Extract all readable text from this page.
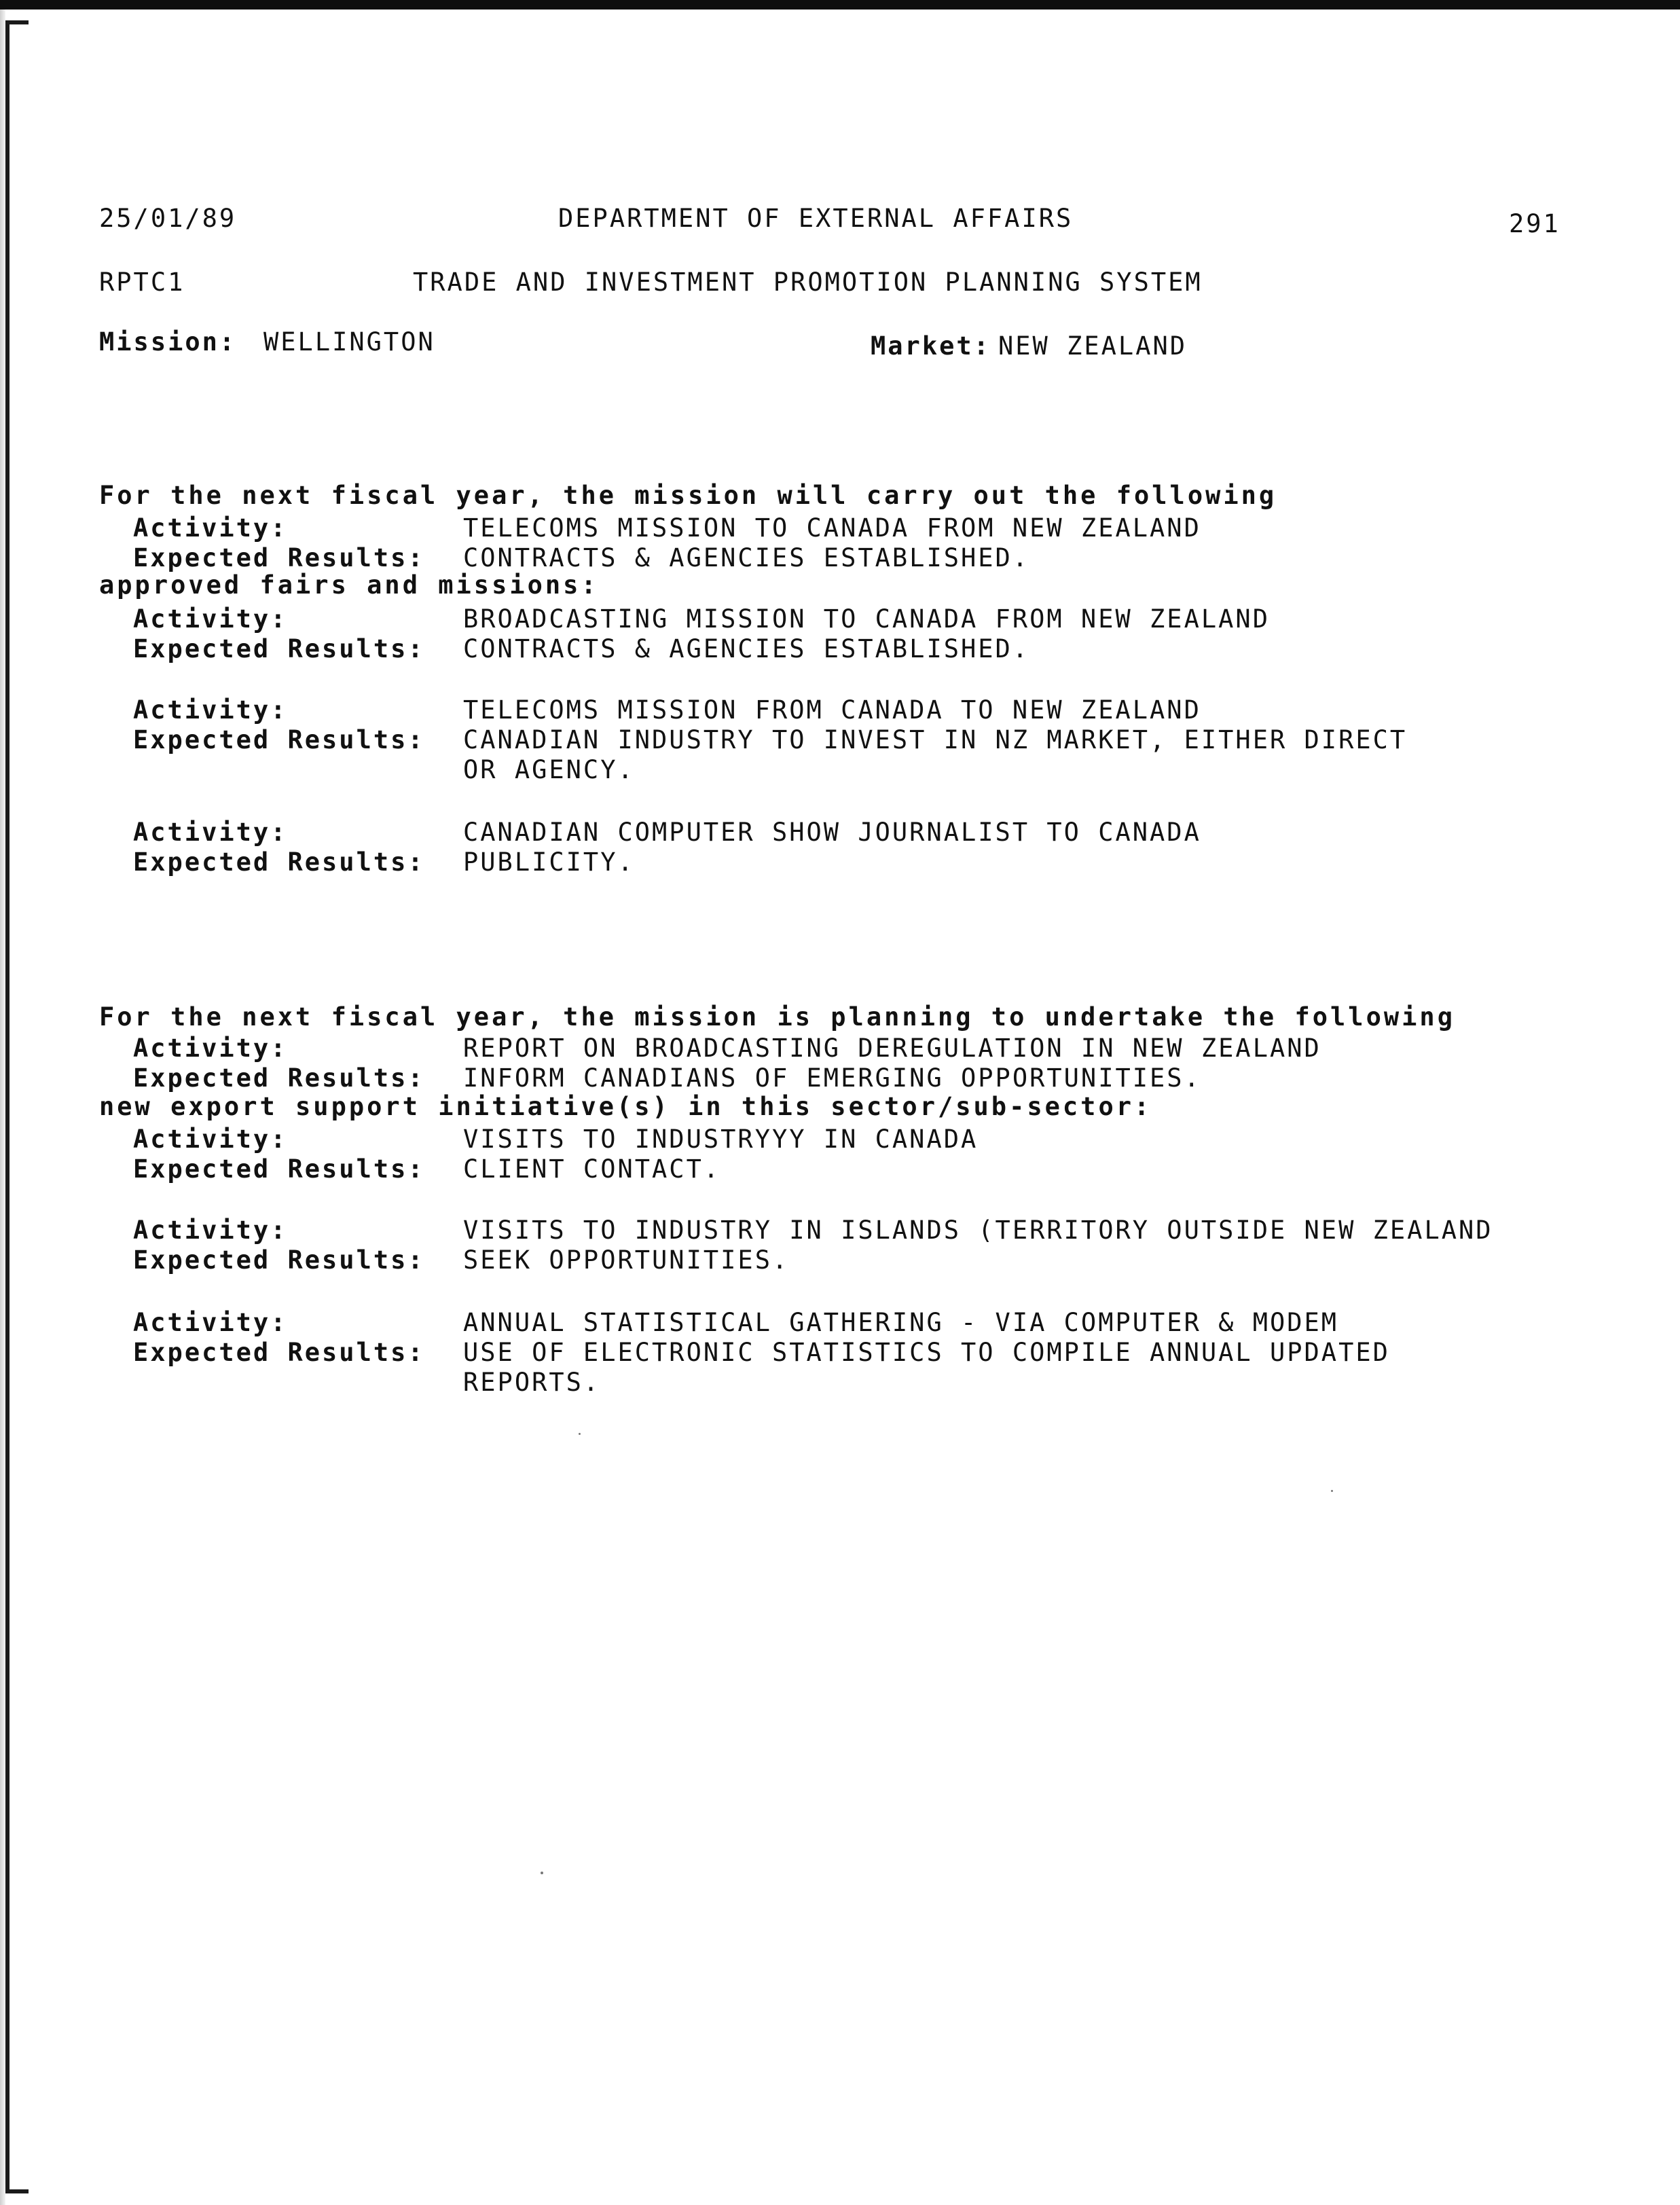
25/01/89	DEPARTMENT OF EXTERNAL AFFAIRS	291
RPTC1	TRADE AND INVESTMENT PROMOTION PLANNING SYSTEM
Mission: WELLINGTON	Market: NEW ZEALAND

For the next fiscal year, the mission will carry out the following

approved fairs and missions:

Activity:	TELECOMS MISSION TO CANADA FROM NEW ZEALAND
Expected Results:	CONTRACTS & AGENCIES ESTABLISHED.
Activity:	BROADCASTING MISSION TO CANADA FROM NEW ZEALAND
Expected Results:	CONTRACTS & AGENCIES ESTABLISHED.
Activity:	TELECOMS MISSION FROM CANADA TO NEW ZEALAND
Expected Results:	CANADIAN INDUSTRY TO INVEST IN NZ MARKET, EITHER DIRECT
OR AGENCY.
Activity:	CANADIAN COMPUTER SHOW JOURNALIST TO CANADA
Expected Results:	PUBLICITY.

For the next fiscal year, the mission is planning to undertake the following

new export support initiative(s) in this sector/sub-sector:

Activity:	REPORT ON BROADCASTING DEREGULATION IN NEW ZEALAND
Expected Results:	INFORM CANADIANS OF EMERGING OPPORTUNITIES.
Activity:	VISITS TO INDUSTRYYY IN CANADA
Expected Results:	CLIENT CONTACT.
Activity:	VISITS TO INDUSTRY IN ISLANDS (TERRITORY OUTSIDE NEW ZEALAND
Expected Results:	SEEK OPPORTUNITIES.
Activity:	ANNUAL STATISTICAL GATHERING - VIA COMPUTER & MODEM
Expected Results:	USE OF ELECTRONIC STATISTICS TO COMPILE ANNUAL UPDATED
REPORTS.
